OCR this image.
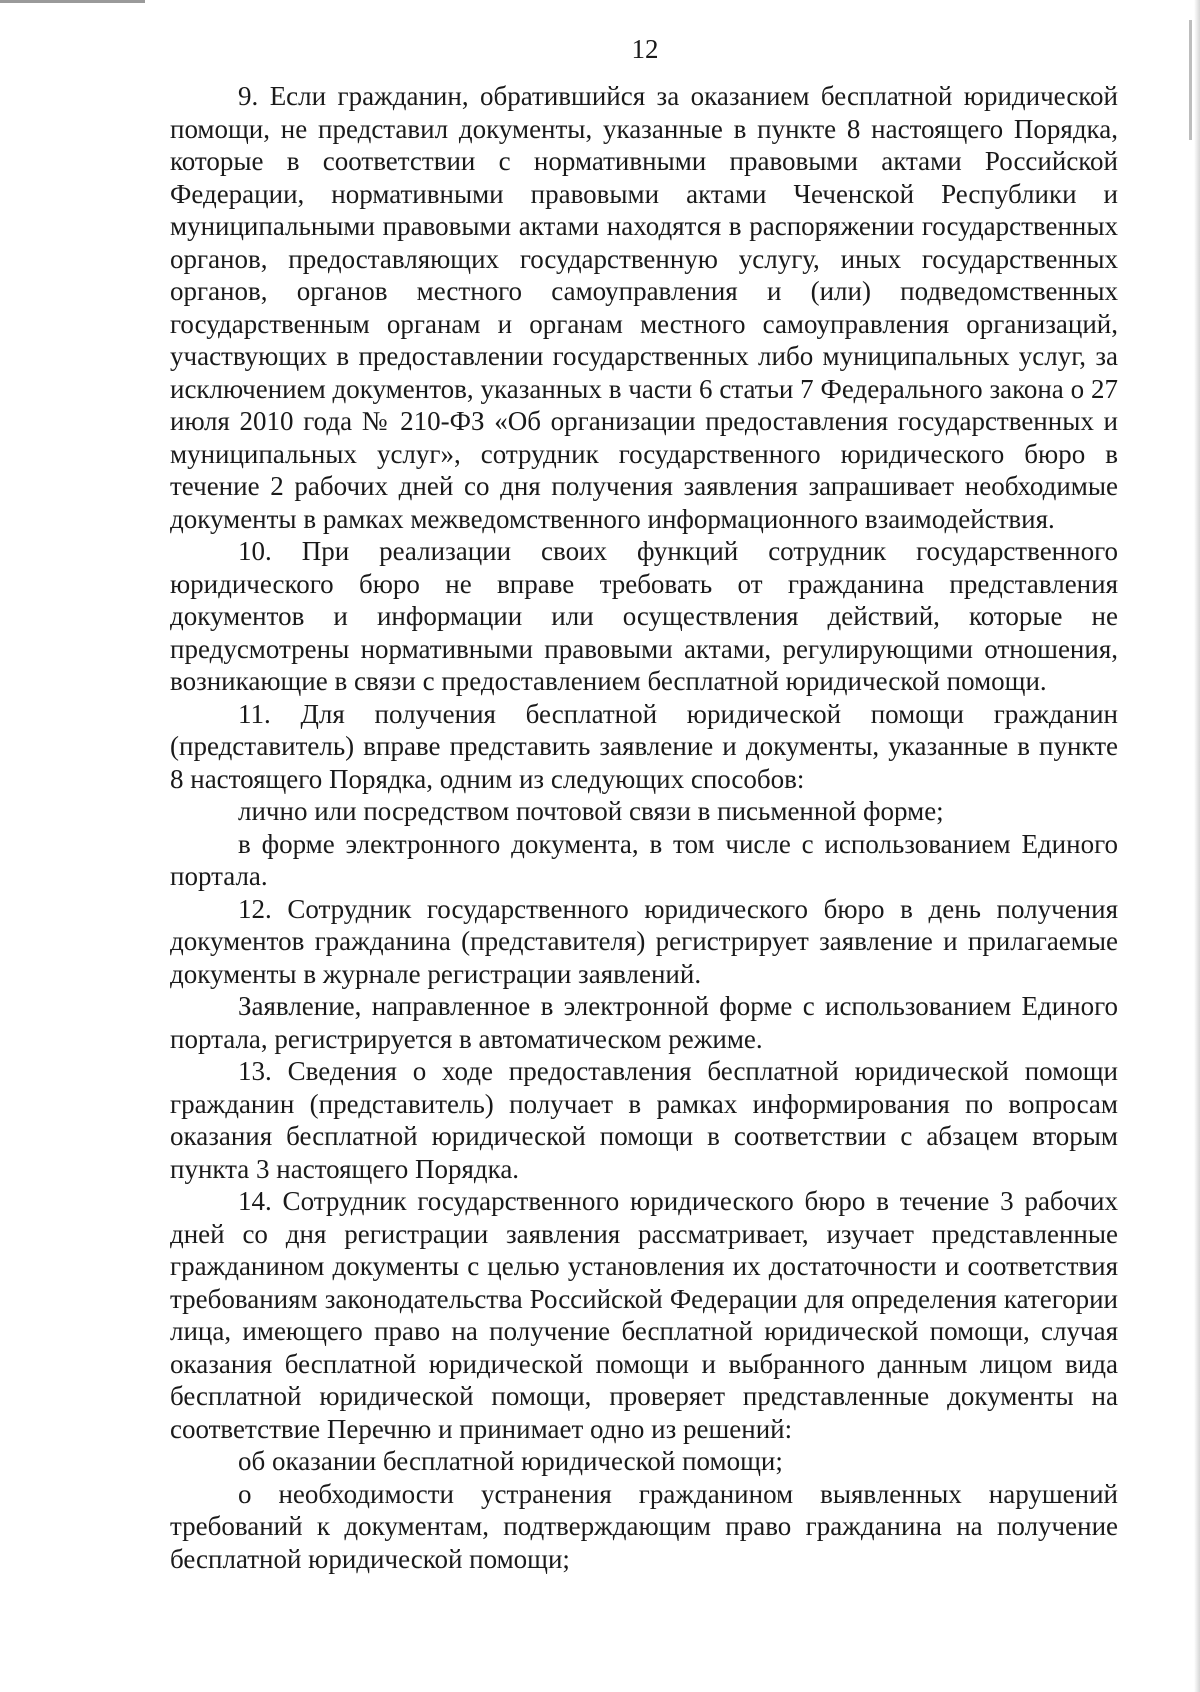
12

9. Если гражданин, обратившийся за оказанием бесплатной юридической помощи, не представил документы, указанные в пункте 8 настоящего Порядка, которые в соответствии с нормативными правовыми актами Российской Федерации, нормативными правовыми актами Чеченской Республики и муниципальными правовыми актами находятся в распоряжении государственных органов, предоставляющих государственную услугу, иных государственных органов, органов местного самоуправления и (или) подведомственных государственным органам и органам местного самоуправления организаций, участвующих в предоставлении государственных либо муниципальных услуг, за исключением документов, указанных в части 6 статьи 7 Федерального закона о 27 июля 2010 года № 210-ФЗ «Об организации предоставления государственных и муниципальных услуг», сотрудник государственного юридического бюро в течение 2 рабочих дней со дня получения заявления запрашивает необходимые документы в рамках межведомственного информационного взаимодействия.

10. При реализации своих функций сотрудник государственного юридического бюро не вправе требовать от гражданина представления документов и информации или осуществления действий, которые не предусмотрены нормативными правовыми актами, регулирующими отношения, возникающие в связи с предоставлением бесплатной юридической помощи.

11. Для получения бесплатной юридической помощи гражданин (представитель) вправе представить заявление и документы, указанные в пункте 8 настоящего Порядка, одним из следующих способов:

лично или посредством почтовой связи в письменной форме;

в форме электронного документа, в том числе с использованием Единого портала.

12. Сотрудник государственного юридического бюро в день получения документов гражданина (представителя) регистрирует заявление и прилагаемые документы в журнале регистрации заявлений.

Заявление, направленное в электронной форме с использованием Единого портала, регистрируется в автоматическом режиме.

13. Сведения о ходе предоставления бесплатной юридической помощи гражданин (представитель) получает в рамках информирования по вопросам оказания бесплатной юридической помощи в соответствии с абзацем вторым пункта 3 настоящего Порядка.

14. Сотрудник государственного юридического бюро в течение 3 рабочих дней со дня регистрации заявления рассматривает, изучает представленные гражданином документы с целью установления их достаточности и соответствия требованиям законодательства Российской Федерации для определения категории лица, имеющего право на получение бесплатной юридической помощи, случая оказания бесплатной юридической помощи и выбранного данным лицом вида бесплатной юридической помощи, проверяет представленные документы на соответствие Перечню и принимает одно из решений:

об оказании бесплатной юридической помощи;

о необходимости устранения гражданином выявленных нарушений требований к документам, подтверждающим право гражданина на получение бесплатной юридической помощи;
